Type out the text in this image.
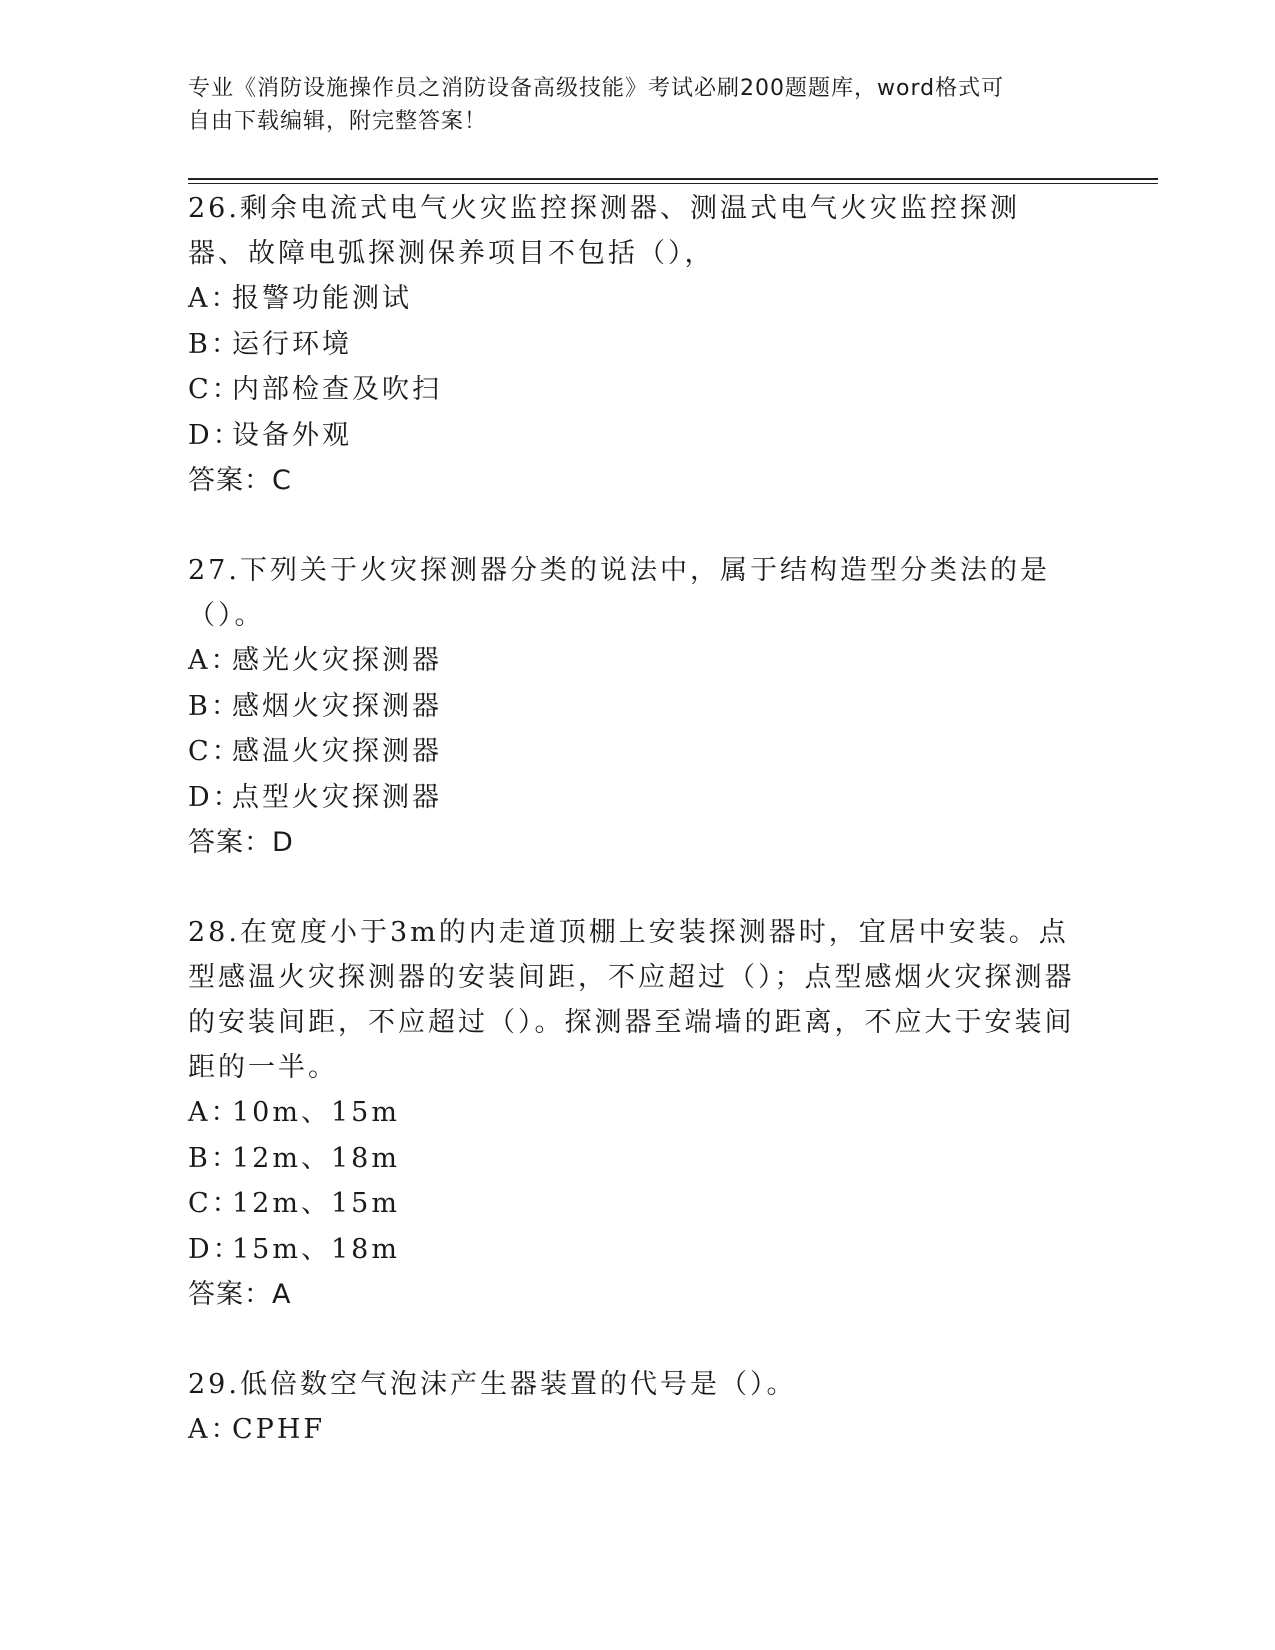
专业《消防设施操作员之消防设备高级技能》考试必刷200题题库，word格式可
自由下载编辑，附完整答案！

26.剩余电流式电气火灾监控探测器、测温式电气火灾监控探测器、故障电弧探测保养项目不包括（），

A：报警功能测试

B：运行环境

C：内部检查及吹扫

D：设备外观

答案：C

27.下列关于火灾探测器分类的说法中，属于结构造型分类法的是（）。

A：感光火灾探测器

B：感烟火灾探测器

C：感温火灾探测器

D：点型火灾探测器

答案：D

28.在宽度小于3m的内走道顶棚上安装探测器时，宜居中安装。点型感温火灾探测器的安装间距，不应超过（）；点型感烟火灾探测器的安装间距，不应超过（）。探测器至端墙的距离，不应大于安装间距的一半。

A：10m、15m

B：12m、18m

C：12m、15m

D：15m、18m

答案：A

29.低倍数空气泡沫产生器装置的代号是（）。

A：CPHF
